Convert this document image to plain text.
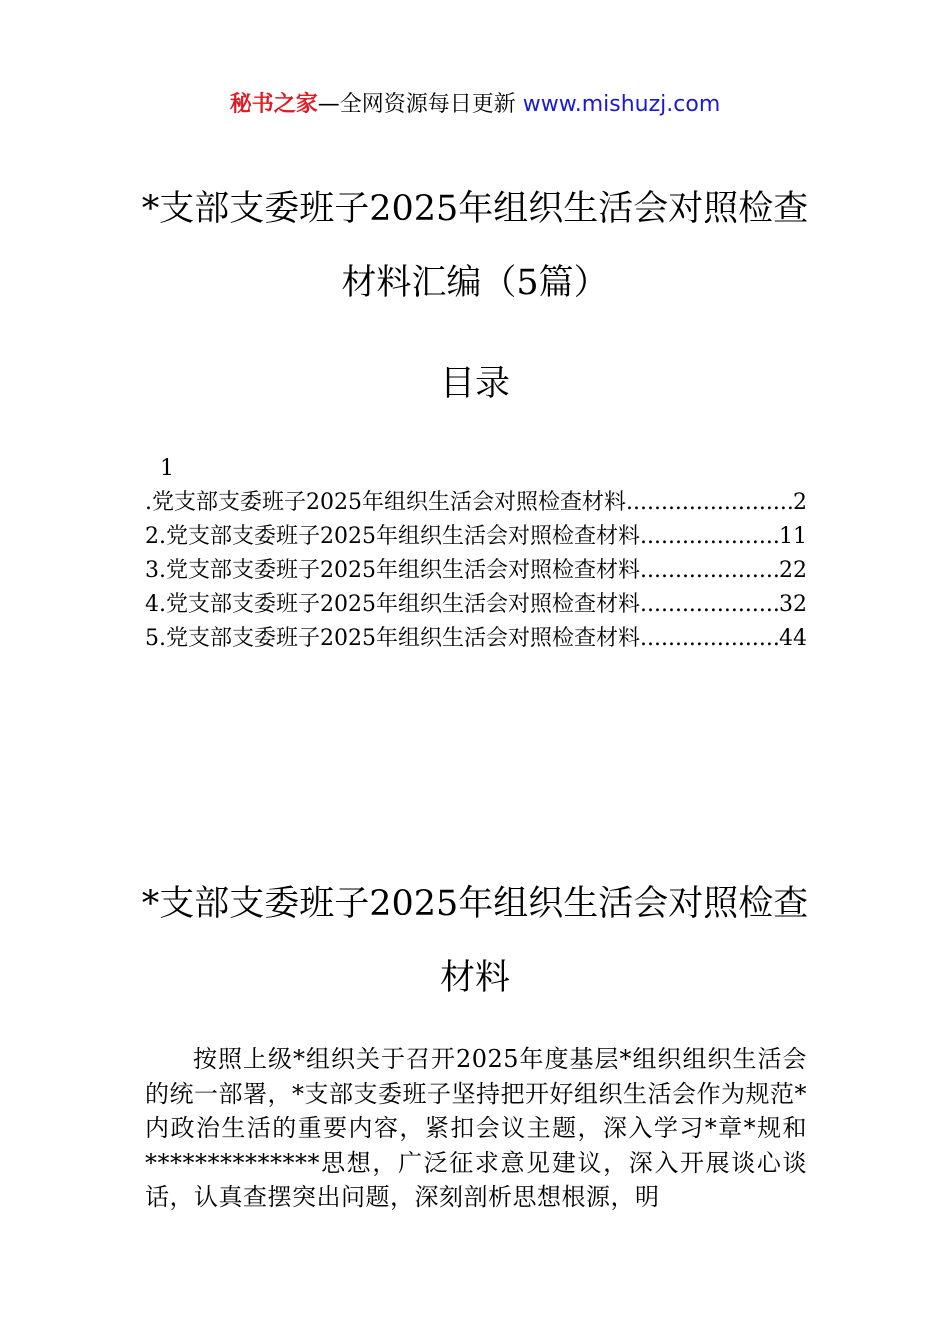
秘书之家—全网资源每日更新 www.mishuzj.com
*支部支委班子2025年组织生活会对照检查材料汇编（5篇）
目录
1
.党支部支委班子2025年组织生活会对照检查材料 .....	2
2.党支部支委班子2025年组织生活会对照检查材料 .....	11
3.党支部支委班子2025年组织生活会对照检查材料 .....	22
4.党支部支委班子2025年组织生活会对照检查材料 .....	32
5.党支部支委班子2025年组织生活会对照检查材料 .....	44
*支部支委班子2025年组织生活会对照检查材料
按照上级*组织关于召开2025年度基层*组织组织生活会的统一部署，*支部支委班子坚持把开好组织生活会作为规范*内政治生活的重要内容，紧扣会议主题，深入学习*章*规和**************思想，广泛征求意见建议，深入开展谈心谈话，认真查摆突出问题，深刻剖析思想根源，明
